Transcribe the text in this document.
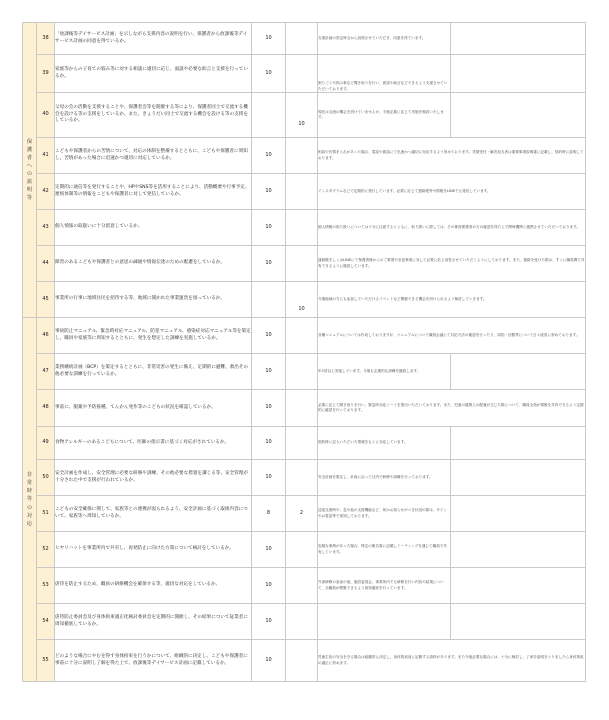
保護者への説明等	38	「放課後等デイサービス計画」を示しながら支援内容の説明を行い、保護者から放課後等デイサービス計画の同意を得ているか。	10		支援計画の設定時点から説明させていただき、同意を得ています。	
	39	家族等からの子育ての悩み等に対する相談に適切に応じ、面談や必要な助言と支援を行っているか。	10		困りごとや悩み事など聞き取りを行い、面談や助言などできるよう支援させていただいております。	
	40	父母の会の活動を支援することや、保護者会等を開催する等により、保護者同士で交流する機会を設ける等の支援をしているか。また、きょうだい同士で交流する機会を設ける等の支援をしているか。		10	現在は交流の機会を設けていませんが、今後必要に応じて実施を検討いたします。	
	41	こどもや保護者からの苦情について、対応の体制を整備するとともに、こどもや保護者に周知し、苦情があった場合に迅速かつ適切に対応しているか。	10		相談や苦情を入れがあった場合、電話や面談にて迅速かつ適切に対応するよう努めております。苦情受付・解決担当者は重要事項説明書に記載し、契約時に説明しております。	
	42	定期的に通信等を発行することや、HPやSNS等を活用することにより、活動概要や行事予定、連絡体制等の情報をこどもや保護者に対して発信しているか。	10		インスタグラムなどで定期的に発行しています。必要に応じて連絡帳等や情報をLINEでも発信しています。	
	43	個人情報の取扱いに十分留意しているか。	10		個人情報の取り扱いについては十分に注意するとともに、取り扱いに際しては、その都度保護者の方の確認を得た上で関係機関と連携させていただいております。	
	44	障害のあるこどもや保護者との意思の疎通や情報伝達のための配慮をしているか。	10		連絡帳をしくはLINEにて保護者様からのご要望や変更事項に対して必要に応じ返答させていただくようにしております。また、連絡を受けた際は、すぐに職員間で共有できるように徹底しています。	
	45	事業所の行事に地域住民を招待する等、地域に開かれた事業運営を図っているか。		10	今後地域の方にも参加していただけるイベントなど開催できる機会を設けられるよう検討していきます。	
非常時等の対応	46	事故防止マニュアル、緊急時対応マニュアル、防犯マニュアル、感染症対応マニュアル等を策定し、職員や家族等に周知するとともに、発生を想定した訓練を実施しているか。	10		各種マニュアルについては作成しておりますが、マニュアルについて職員会議にて対応方法の確認を行ったり、周知・回覧等について日々改善に努めております。	
	47	業務継続計画（BCP）を策定するとともに、非常災害の発生に備え、定期的に避難、救出その他必要な訓練を行っているか。	10		年2回以上実施しています。今後も定期的な訓練を継続します。	
	48	事前に、服薬や予防接種、てんかん発作等のこどもの状況を確認しているか。	10		必要に応じて聞き取りを行い、緊急時対応シートを提出いただいております。また、児童の健康上の配慮が生じた際について、職員全員が情報を共有できるよう定期的に確認を行っております。	
	49	食物アレルギーのあるこどもについて、医師の指示書に基づく対応がされているか。	10		契約時に記入いただいた情報をもとに対応しています。	
	50	安全計画を作成し、安全管理に必要な研修や訓練、その他必要な措置を講じる等、安全管理が十分された中で支援が行われているか。	10		安全計画を策定し、計画に沿って社内で研修や訓練を行っております。	
	51	こどもの安全確保に関して、家族等との連携が図られるよう、安全計画に基づく取組内容について、家族等へ周知しているか。	8	2	送迎支援時や、急や他の支援機能など、何かお知らせがべき状況の際は、サインやお電話等で周知しております。	
	52	ヒヤリハットを事業所内で共有し、再発防止に向けた方策について検討をしているか。	10		危険な事例があった場合、特定の報告書に記載しミーティングを通じて職員で共有しています。	
	53	虐待を防止するため、職員の研修機会を確保する等、適切な対応をしているか。	10		外部研修の参加の他、施設委員会、事業所内でも研修を行い内容や結果について、全職員が閲覧できるよう周知徹底を行っています。	
	54	虐待防止委員会及び身体拘束適正化検討委員会を定期的に開催し、その結果について従業者に周知徹底しているか。	10			
	55	どのような場合にやむを得ず身体拘束を行うかについて、組織的に決定し、こどもや保護者に事前に十分に説明し了解を得た上で、放課後等デイサービス計画に記載しているか。	10		児童生徒の安全を守る場合は組織的に決定し、身体拘束前に記載する資料があります。また今後必要な場合には、十分に検討し、了承を説明をとりましたら身体拘束の適正に努めます。	
